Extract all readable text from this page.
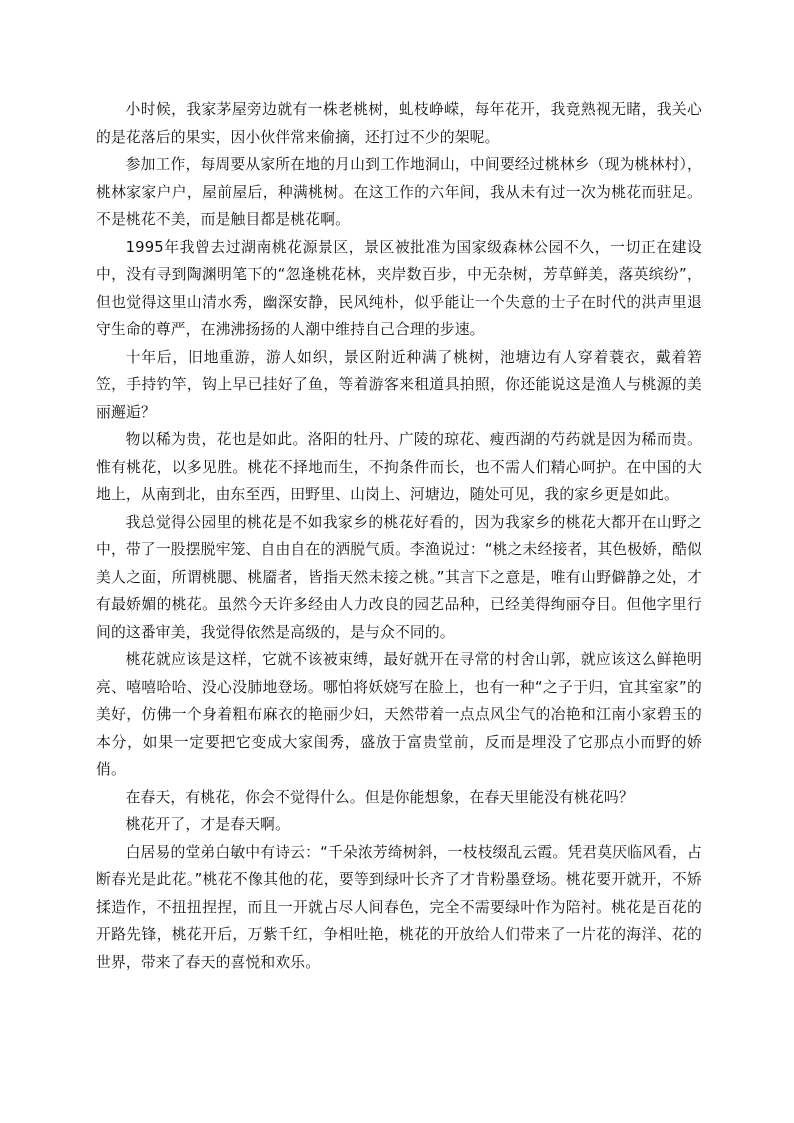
小时候，我家茅屋旁边就有一株老桃树，虬枝峥嵘，每年花开，我竟熟视无睹，我关心的是花落后的果实，因小伙伴常来偷摘，还打过不少的架呢。

参加工作，每周要从家所在地的月山到工作地洞山，中间要经过桃林乡（现为桃林村），桃林家家户户，屋前屋后，种满桃树。在这工作的六年间，我从未有过一次为桃花而驻足。不是桃花不美，而是触目都是桃花啊。

1995年我曾去过湖南桃花源景区，景区被批准为国家级森林公园不久，一切正在建设中，没有寻到陶渊明笔下的“忽逢桃花林，夹岸数百步，中无杂树，芳草鲜美，落英缤纷”，但也觉得这里山清水秀，幽深安静，民风纯朴，似乎能让一个失意的士子在时代的洪声里退守生命的尊严，在沸沸扬扬的人潮中维持自己合理的步速。

十年后，旧地重游，游人如织，景区附近种满了桃树，池塘边有人穿着蓑衣，戴着箬笠，手持钓竿，钩上早已挂好了鱼，等着游客来租道具拍照，你还能说这是渔人与桃源的美丽邂逅？

物以稀为贵，花也是如此。洛阳的牡丹、广陵的琼花、瘦西湖的芍药就是因为稀而贵。惟有桃花，以多见胜。桃花不择地而生，不拘条件而长，也不需人们精心呵护。在中国的大地上，从南到北，由东至西，田野里、山岗上、河塘边，随处可见，我的家乡更是如此。

我总觉得公园里的桃花是不如我家乡的桃花好看的，因为我家乡的桃花大都开在山野之中，带了一股摆脱牢笼、自由自在的洒脱气质。李渔说过：“桃之未经接者，其色极娇，酷似美人之面，所谓桃腮、桃靥者，皆指天然未接之桃。”其言下之意是，唯有山野僻静之处，才有最娇媚的桃花。虽然今天许多经由人力改良的园艺品种，已经美得绚丽夺目。但他字里行间的这番审美，我觉得依然是高级的，是与众不同的。

桃花就应该是这样，它就不该被束缚，最好就开在寻常的村舍山郭，就应该这么鲜艳明亮、嘻嘻哈哈、没心没肺地登场。哪怕将妖娆写在脸上，也有一种“之子于归，宜其室家”的美好，仿佛一个身着粗布麻衣的艳丽少妇，天然带着一点点风尘气的冶艳和江南小家碧玉的本分，如果一定要把它变成大家闺秀，盛放于富贵堂前，反而是埋没了它那点小而野的娇俏。

在春天，有桃花，你会不觉得什么。但是你能想象，在春天里能没有桃花吗？

桃花开了，才是春天啊。

白居易的堂弟白敏中有诗云：“千朵浓芳绮树斜，一枝枝缀乱云霞。凭君莫厌临风看，占断春光是此花。”桃花不像其他的花，要等到绿叶长齐了才肯粉墨登场。桃花要开就开，不矫揉造作，不扭扭捏捏，而且一开就占尽人间春色，完全不需要绿叶作为陪衬。桃花是百花的开路先锋，桃花开后，万紫千红，争相吐艳，桃花的开放给人们带来了一片花的海洋、花的世界，带来了春天的喜悦和欢乐。
